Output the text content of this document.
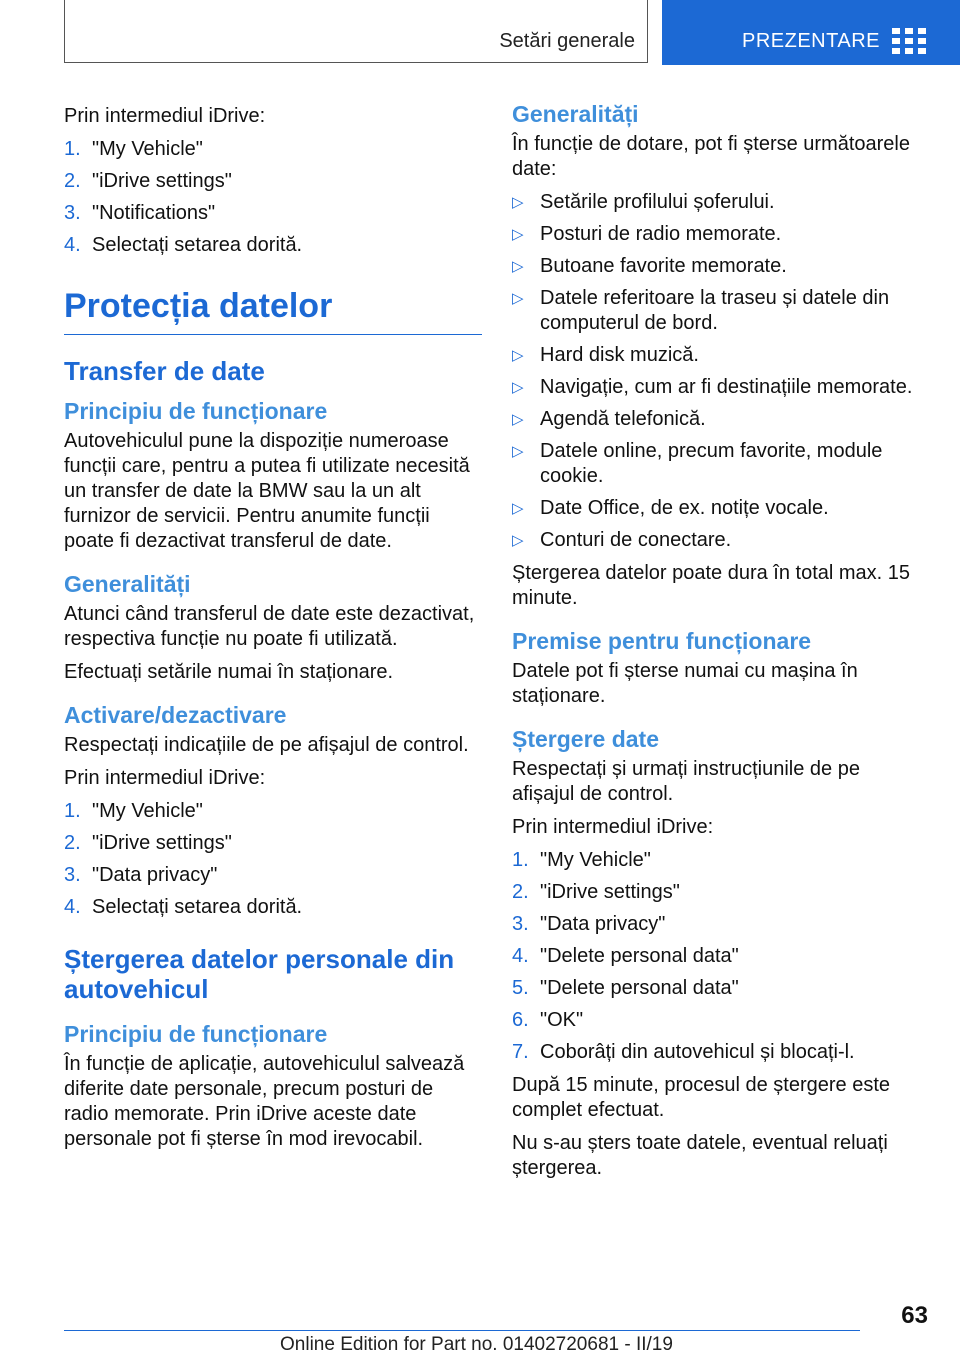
Setări generale	PREZENTARE

Prin intermediul iDrive:

1. "My Vehicle"
2. "iDrive settings"
3. "Notifications"
4. Selectați setarea dorită.
Protecția datelor
Transfer de date
Principiu de funcționare

Autovehiculul pune la dispoziție numeroase funcții care, pentru a putea fi utilizate necesită un transfer de date la BMW sau la un alt furnizor de servicii. Pentru anumite funcții poate fi dezactivat transferul de date.

Generalități

Atunci când transferul de date este dezactivat, respectiva funcție nu poate fi utilizată.

Efectuați setările numai în staționare.

Activare/dezactivare

Respectați indicațiile de pe afișajul de control.

Prin intermediul iDrive:

1. "My Vehicle"
2. "iDrive settings"
3. "Data privacy"
4. Selectați setarea dorită.
Ștergerea datelor personale din autovehicul
Principiu de funcționare

În funcție de aplicație, autovehiculul salvează diferite date personale, precum posturi de radio memorate. Prin iDrive aceste date personale pot fi șterse în mod irevocabil.

Generalități

În funcție de dotare, pot fi șterse următoarele date:

▷ Setările profilului șoferului.
▷ Posturi de radio memorate.
▷ Butoane favorite memorate.
▷ Datele referitoare la traseu și datele din computerul de bord.
▷ Hard disk muzică.
▷ Navigație, cum ar fi destinațiile memorate.
▷ Agendă telefonică.
▷ Datele online, precum favorite, module cookie.
▷ Date Office, de ex. notițe vocale.
▷ Conturi de conectare.

Ștergerea datelor poate dura în total max. 15 minute.

Premise pentru funcționare

Datele pot fi șterse numai cu mașina în staționare.

Ștergere date

Respectați și urmați instrucțiunile de pe afișajul de control.

Prin intermediul iDrive:

1. "My Vehicle"
2. "iDrive settings"
3. "Data privacy"
4. "Delete personal data"
5. "Delete personal data"
6. "OK"
7. Coborâți din autovehicul și blocați-l.

După 15 minute, procesul de ștergere este complet efectuat.

Nu s-au șters toate datele, eventual reluați ștergerea.

63
Online Edition for Part no. 01402720681 - II/19
